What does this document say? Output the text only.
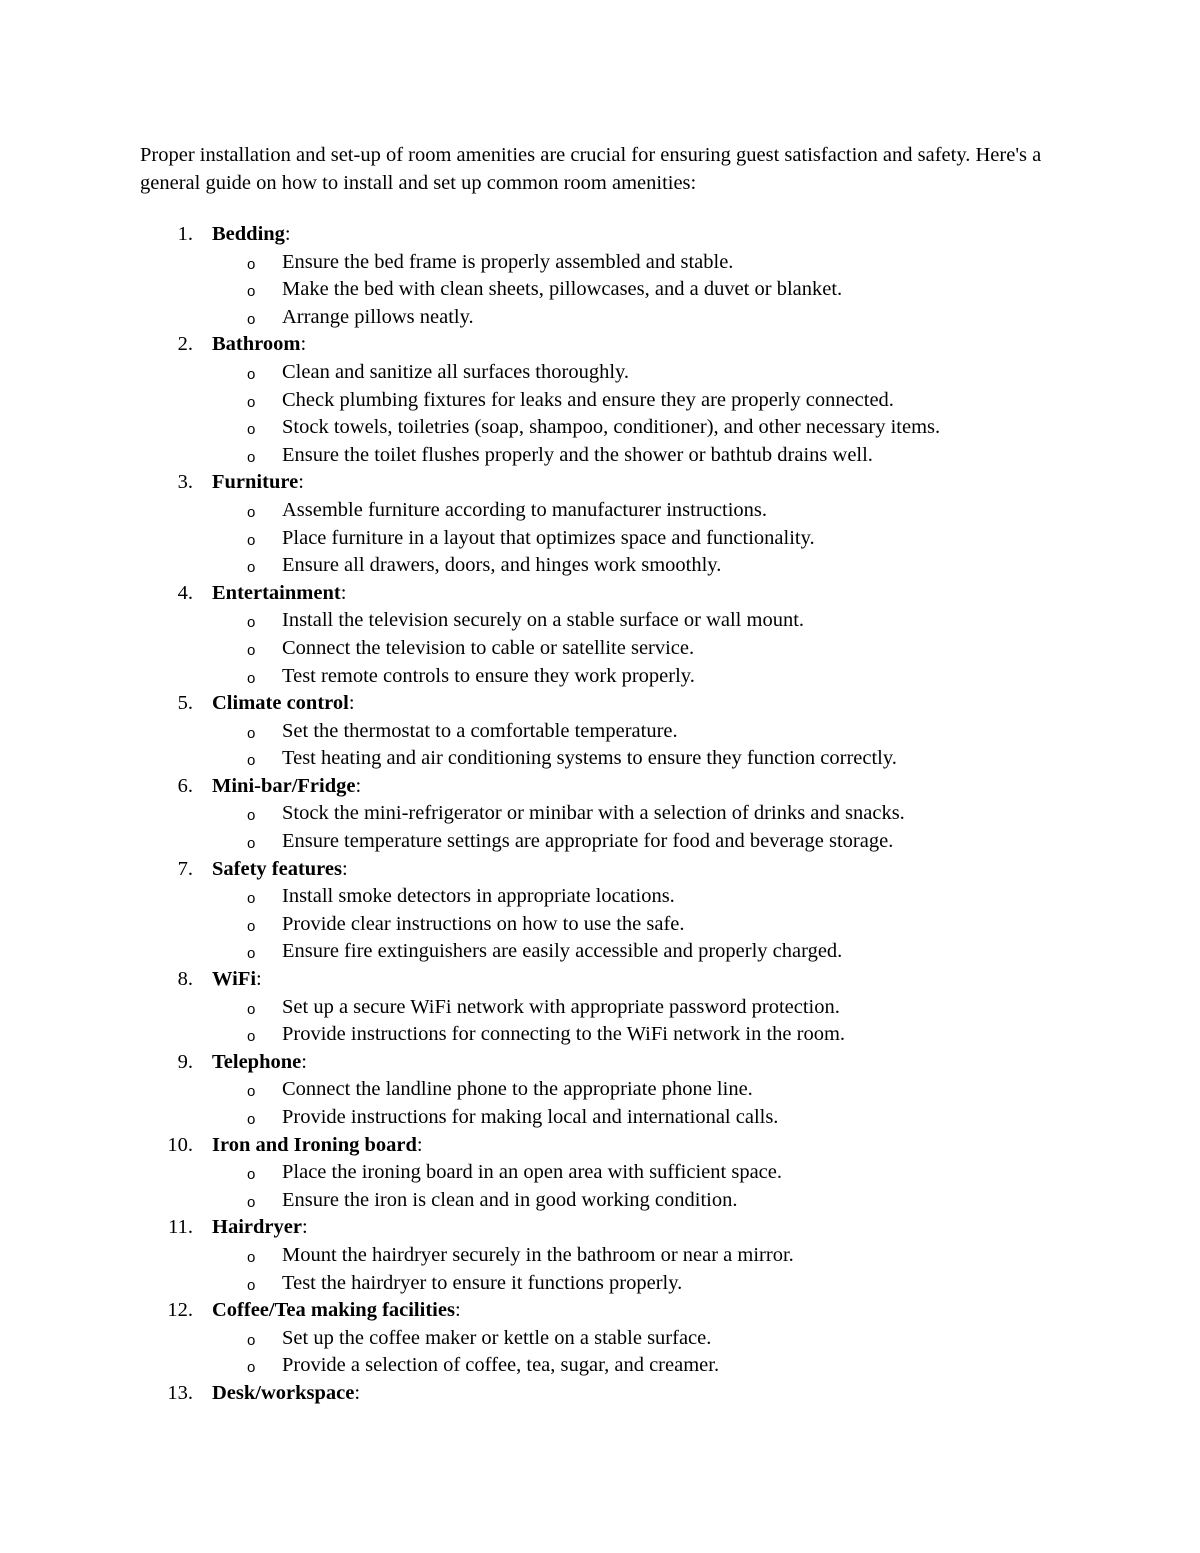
Proper installation and set-up of room amenities are crucial for ensuring guest satisfaction and safety. Here's a general guide on how to install and set up common room amenities:

1. Bedding:
o Ensure the bed frame is properly assembled and stable.
o Make the bed with clean sheets, pillowcases, and a duvet or blanket.
o Arrange pillows neatly.
2. Bathroom:
o Clean and sanitize all surfaces thoroughly.
o Check plumbing fixtures for leaks and ensure they are properly connected.
o Stock towels, toiletries (soap, shampoo, conditioner), and other necessary items.
o Ensure the toilet flushes properly and the shower or bathtub drains well.
3. Furniture:
o Assemble furniture according to manufacturer instructions.
o Place furniture in a layout that optimizes space and functionality.
o Ensure all drawers, doors, and hinges work smoothly.
4. Entertainment:
o Install the television securely on a stable surface or wall mount.
o Connect the television to cable or satellite service.
o Test remote controls to ensure they work properly.
5. Climate control:
o Set the thermostat to a comfortable temperature.
o Test heating and air conditioning systems to ensure they function correctly.
6. Mini-bar/Fridge:
o Stock the mini-refrigerator or minibar with a selection of drinks and snacks.
o Ensure temperature settings are appropriate for food and beverage storage.
7. Safety features:
o Install smoke detectors in appropriate locations.
o Provide clear instructions on how to use the safe.
o Ensure fire extinguishers are easily accessible and properly charged.
8. WiFi:
o Set up a secure WiFi network with appropriate password protection.
o Provide instructions for connecting to the WiFi network in the room.
9. Telephone:
o Connect the landline phone to the appropriate phone line.
o Provide instructions for making local and international calls.
10. Iron and Ironing board:
o Place the ironing board in an open area with sufficient space.
o Ensure the iron is clean and in good working condition.
11. Hairdryer:
o Mount the hairdryer securely in the bathroom or near a mirror.
o Test the hairdryer to ensure it functions properly.
12. Coffee/Tea making facilities:
o Set up the coffee maker or kettle on a stable surface.
o Provide a selection of coffee, tea, sugar, and creamer.
13. Desk/workspace:
